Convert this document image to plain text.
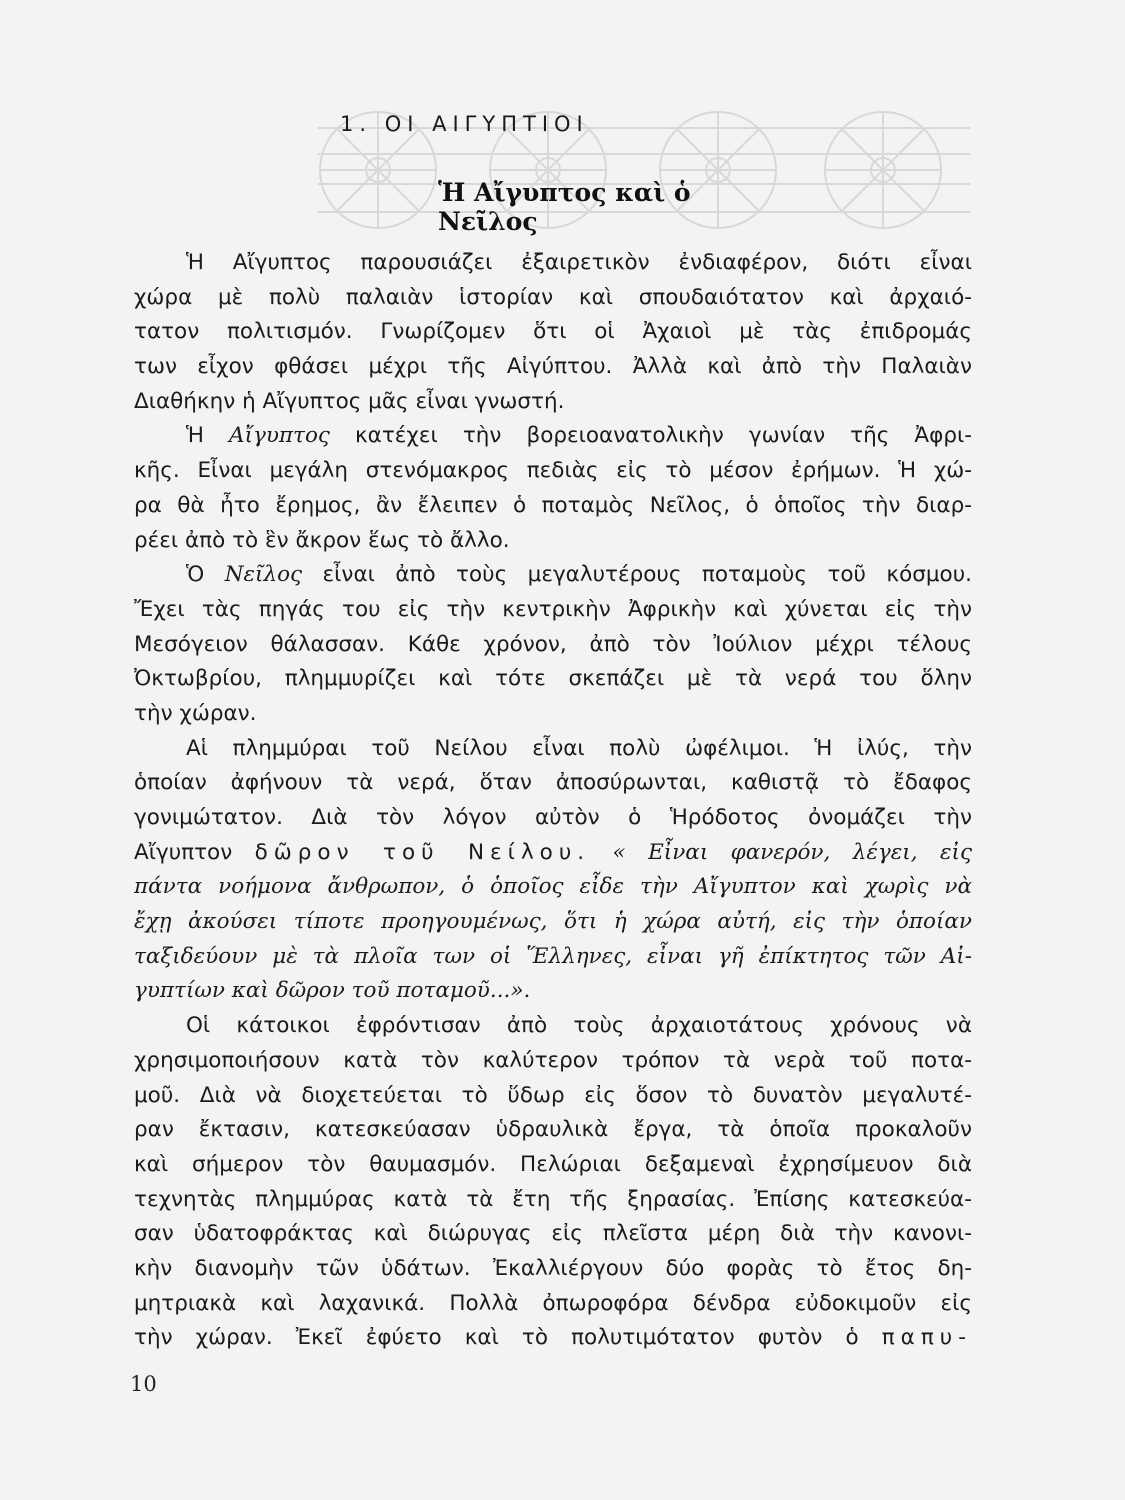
1. ΟΙ ΑΙΓΥΠΤΙΟΙ
Ἡ Αἴγυπτος καὶ ὁ Νεῖλος
Ἡ Αἴγυπτος παρουσιάζει ἐξαιρετικὸν ἐνδιαφέρον, διότι εἶναι
χώρα μὲ πολὺ παλαιὰν ἱστορίαν καὶ σπουδαιότατον καὶ ἀρχαιό-
τατον πολιτισμόν. Γνωρίζομεν ὅτι οἱ Ἀχαιοὶ μὲ τὰς ἐπιδρομάς
των εἶχον φθάσει μέχρι τῆς Αἰγύπτου. Ἀλλὰ καὶ ἀπὸ τὴν Παλαιὰν
Διαθήκην ἡ Αἴγυπτος μᾶς εἶναι γνωστή.
Ἡ Αἴγυπτος κατέχει τὴν βορειοανατολικὴν γωνίαν τῆς Ἀφρι-
κῆς. Εἶναι μεγάλη στενόμακρος πεδιὰς εἰς τὸ μέσον ἐρήμων. Ἡ χώ-
ρα θὰ ἦτο ἔρημος, ἂν ἔλειπεν ὁ ποταμὸς Νεῖλος, ὁ ὁποῖος τὴν διαρ-
ρέει ἀπὸ τὸ ἓν ἄκρον ἕως τὸ ἄλλο.
Ὁ Νεῖλος εἶναι ἀπὸ τοὺς μεγαλυτέρους ποταμοὺς τοῦ κόσμου.
Ἔχει τὰς πηγάς του εἰς τὴν κεντρικὴν Ἀφρικὴν καὶ χύνεται εἰς τὴν
Μεσόγειον θάλασσαν. Κάθε χρόνον, ἀπὸ τὸν Ἰούλιον μέχρι τέλους
Ὀκτωβρίου, πλημμυρίζει καὶ τότε σκεπάζει μὲ τὰ νερά του ὅλην
τὴν χώραν.
Αἱ πλημμύραι τοῦ Νείλου εἶναι πολὺ ὠφέλιμοι. Ἡ ἰλύς, τὴν
ὁποίαν ἀφήνουν τὰ νερά, ὅταν ἀποσύρωνται, καθιστᾷ τὸ ἔδαφος
γονιμώτατον. Διὰ τὸν λόγον αὐτὸν ὁ Ἡρόδοτος ὀνομάζει τὴν
Αἴγυπτον δῶρον τοῦ Νείλου. « Εἶναι φανερόν, λέγει, εἰς
πάντα νοήμονα ἄνθρωπον, ὁ ὁποῖος εἶδε τὴν Αἴγυπτον καὶ χωρὶς νὰ
ἔχῃ ἀκούσει τίποτε προηγουμένως, ὅτι ἡ χώρα αὐτή, εἰς τὴν ὁποίαν
ταξιδεύουν μὲ τὰ πλοῖα των οἱ Ἕλληνες, εἶναι γῆ ἐπίκτητος τῶν Αἰ-
γυπτίων καὶ δῶρον τοῦ ποταμοῦ...».
Οἱ κάτοικοι ἐφρόντισαν ἀπὸ τοὺς ἀρχαιοτάτους χρόνους νὰ
χρησιμοποιήσουν κατὰ τὸν καλύτερον τρόπον τὰ νερὰ τοῦ ποτα-
μοῦ. Διὰ νὰ διοχετεύεται τὸ ὕδωρ εἰς ὅσον τὸ δυνατὸν μεγαλυτέ-
ραν ἔκτασιν, κατεσκεύασαν ὑδραυλικὰ ἔργα, τὰ ὁποῖα προκαλοῦν
καὶ σήμερον τὸν θαυμασμόν. Πελώριαι δεξαμεναὶ ἐχρησίμευον διὰ
τεχνητὰς πλημμύρας κατὰ τὰ ἔτη τῆς ξηρασίας. Ἐπίσης κατεσκεύα-
σαν ὑδατοφράκτας καὶ διώρυγας εἰς πλεῖστα μέρη διὰ τὴν κανονι-
κὴν διανομὴν τῶν ὑδάτων. Ἐκαλλιέργουν δύο φορὰς τὸ ἔτος δη-
μητριακὰ καὶ λαχανικά. Πολλὰ ὀπωροφόρα δένδρα εὐδοκιμοῦν εἰς
τὴν χώραν. Ἐκεῖ ἐφύετο καὶ τὸ πολυτιμότατον φυτὸν ὁ παπυ-
10
